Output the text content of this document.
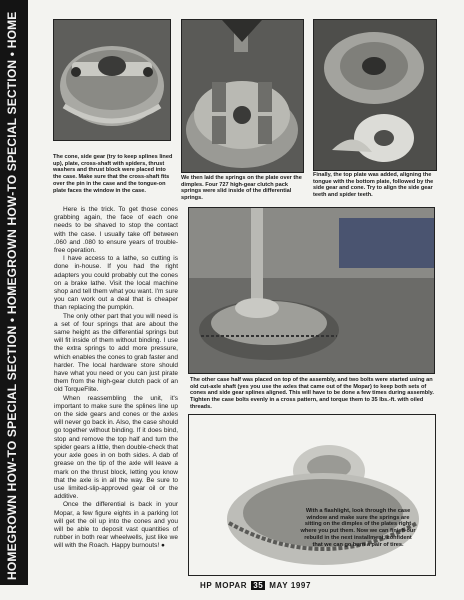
HOMEGROWN HOW-TO SPECIAL SECTION • HOMEGROWN HOW-TO SPECIAL SECTION • HOME	The cone, side gear (try to keep splines lined up), plate, cross-shaft with spiders, thrust washers and thrust block were placed into the case. Make sure that the cross-shaft fits over the pin in the case and the tongue-on plate faces the window in the case.
We then laid the springs on the plate over the dimples. Four 727 high-gear clutch pack springs were slid inside of the differential springs.
Finally, the top plate was added, aligning the tongue with the bottom plate, followed by the side gear and cone. Try to align the side gear teeth and spider teeth.

Here is the trick. To get those cones grabbing again, the face of each one needs to be shaved to stop the contact with the case. I usually take off between .060 and .080 to ensure years of trouble-free operation.

I have access to a lathe, so cutting is done in-house. If you had the right adapters you could probably cut the cones on a brake lathe. Visit the local machine shop and tell them what you want. I'm sure you can work out a deal that is cheaper than replacing the pumpkin.

The only other part that you will need is a set of four springs that are about the same height as the differential springs but will fit inside of them without binding. I use the extra springs to add more pressure, which enables the cones to grab faster and harder. The local hardware store should have what you need or you can just pirate them from the high-gear clutch pack of an old TorqueFlite.

When reassembling the unit, it's important to make sure the splines line up on the side gears and cones or the axles will never go back in. Also, the case should go together without binding. If it does bind, stop and remove the top half and turn the spider gears a little, then double-check that your axle goes in on both sides. A dab of grease on the tip of the axle will leave a mark on the thrust block, letting you know that the axle is in all the way. Be sure to use limited-slip-approved gear oil or the additive.

Once the differential is back in your Mopar, a few figure eights in a parking lot will get the oil up into the cones and you will be able to deposit vast quantities of rubber in both rear wheelwells, just like we will with the Roach. Happy burnouts! ●

The other case half was placed on top of the assembly, and two bolts were started using an old cut-axle shaft (yes you use the axles that came out of the Mopar) to keep both sets of cones and side gear splines aligned. This will have to be done a few times during assembly. Tighten the case bolts evenly in a cross pattern, and torque them to 35 lbs.-ft. with oiled threads.
With a flashlight, look through the case window and make sure the springs are sitting on the dimples of the plates right where you put them. Now we can finish our rebuild in the next installment, confident that we can go burn a pair of tires.
HP MOPAR 35 MAY 1997
